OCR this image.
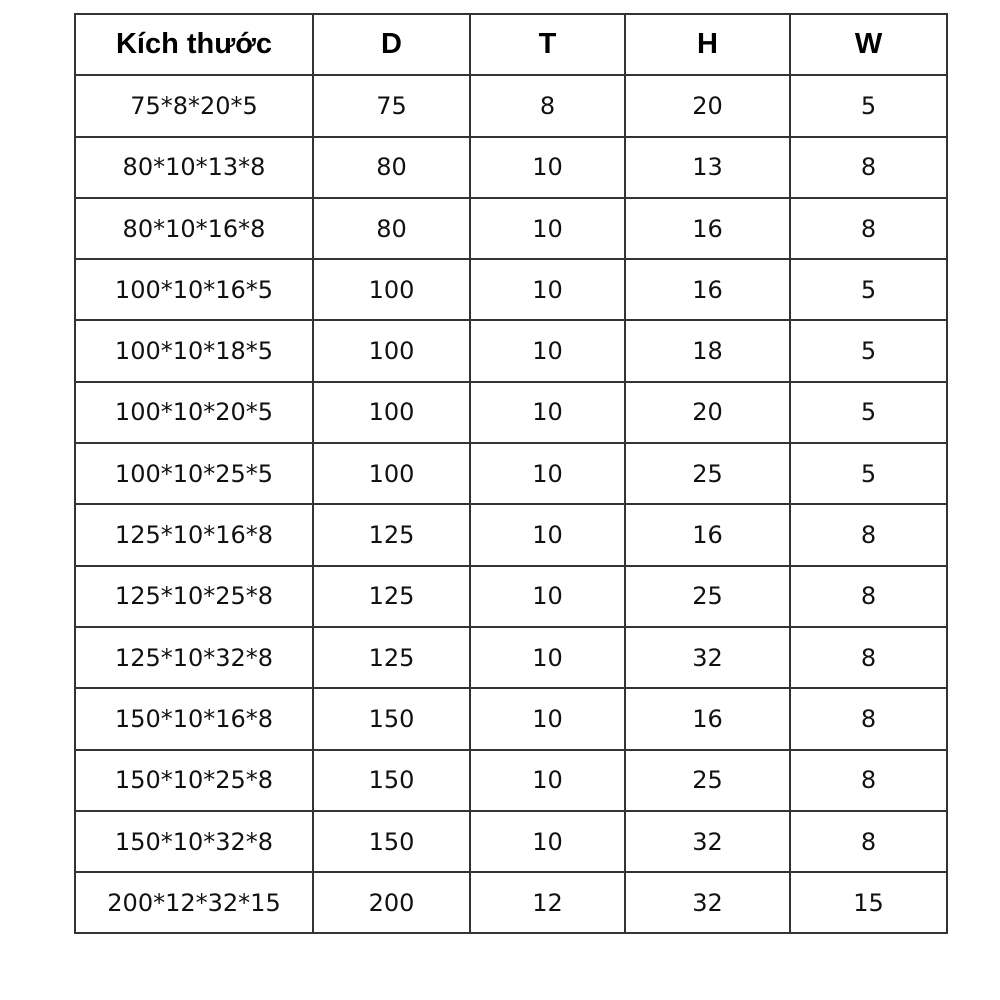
Kích thước	D	T	H	W
75*8*20*5	75	8	20	5
80*10*13*8	80	10	13	8
80*10*16*8	80	10	16	8
100*10*16*5	100	10	16	5
100*10*18*5	100	10	18	5
100*10*20*5	100	10	20	5
100*10*25*5	100	10	25	5
125*10*16*8	125	10	16	8
125*10*25*8	125	10	25	8
125*10*32*8	125	10	32	8
150*10*16*8	150	10	16	8
150*10*25*8	150	10	25	8
150*10*32*8	150	10	32	8
200*12*32*15	200	12	32	15
